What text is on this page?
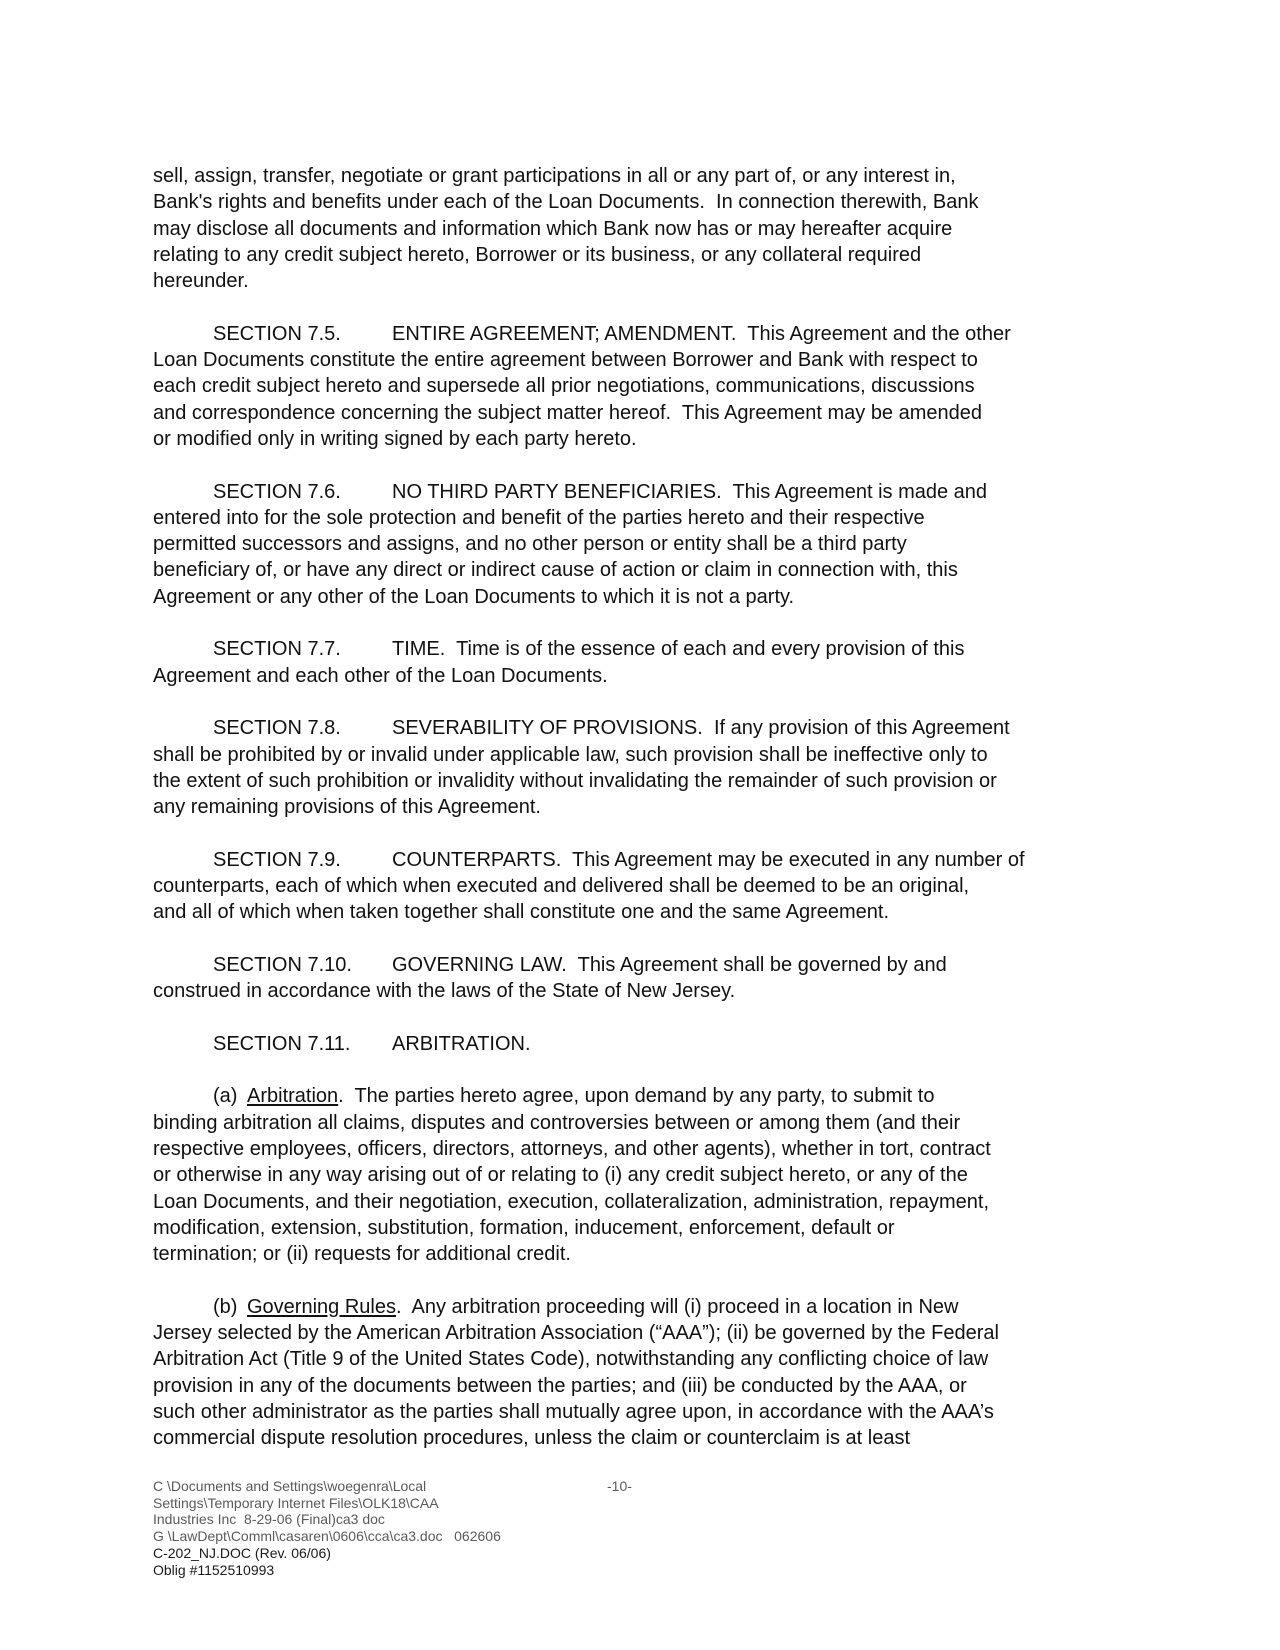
sell, assign, transfer, negotiate or grant participations in all or any part of, or any interest in,
Bank's rights and benefits under each of the Loan Documents.  In connection therewith, Bank
may disclose all documents and information which Bank now has or may hereafter acquire
relating to any credit subject hereto, Borrower or its business, or any collateral required
hereunder.
SECTION 7.5.	ENTIRE AGREEMENT; AMENDMENT.  This Agreement and the other
Loan Documents constitute the entire agreement between Borrower and Bank with respect to
each credit subject hereto and supersede all prior negotiations, communications, discussions
and correspondence concerning the subject matter hereof.  This Agreement may be amended
or modified only in writing signed by each party hereto.
SECTION 7.6.	NO THIRD PARTY BENEFICIARIES.  This Agreement is made and
entered into for the sole protection and benefit of the parties hereto and their respective
permitted successors and assigns, and no other person or entity shall be a third party
beneficiary of, or have any direct or indirect cause of action or claim in connection with, this
Agreement or any other of the Loan Documents to which it is not a party.
SECTION 7.7.	TIME.  Time is of the essence of each and every provision of this
Agreement and each other of the Loan Documents.
SECTION 7.8.	SEVERABILITY OF PROVISIONS.  If any provision of this Agreement
shall be prohibited by or invalid under applicable law, such provision shall be ineffective only to
the extent of such prohibition or invalidity without invalidating the remainder of such provision or
any remaining provisions of this Agreement.
SECTION 7.9.	COUNTERPARTS.  This Agreement may be executed in any number of
counterparts, each of which when executed and delivered shall be deemed to be an original,
and all of which when taken together shall constitute one and the same Agreement.
SECTION 7.10. GOVERNING LAW.  This Agreement shall be governed by and
construed in accordance with the laws of the State of New Jersey.
SECTION 7.11. ARBITRATION.
(a) Arbitration.  The parties hereto agree, upon demand by any party, to submit to
binding arbitration all claims, disputes and controversies between or among them (and their
respective employees, officers, directors, attorneys, and other agents), whether in tort, contract
or otherwise in any way arising out of or relating to (i) any credit subject hereto, or any of the
Loan Documents, and their negotiation, execution, collateralization, administration, repayment,
modification, extension, substitution, formation, inducement, enforcement, default or
termination; or (ii) requests for additional credit.
(b) Governing Rules.  Any arbitration proceeding will (i) proceed in a location in New
Jersey selected by the American Arbitration Association (“AAA”); (ii) be governed by the Federal
Arbitration Act (Title 9 of the United States Code), notwithstanding any conflicting choice of law
provision in any of the documents between the parties; and (iii) be conducted by the AAA, or
such other administrator as the parties shall mutually agree upon, in accordance with the AAA’s
commercial dispute resolution procedures, unless the claim or counterclaim is at least
C \Documents and Settings\woegenra\Local
Settings\Temporary Internet Files\OLK18\CAA
Industries Inc  8-29-06 (Final)ca3 doc
G \LawDept\Comml\casaren\0606\cca\ca3.doc   062606
C-202_NJ.DOC (Rev. 06/06)
Oblig #1152510993
-10-
